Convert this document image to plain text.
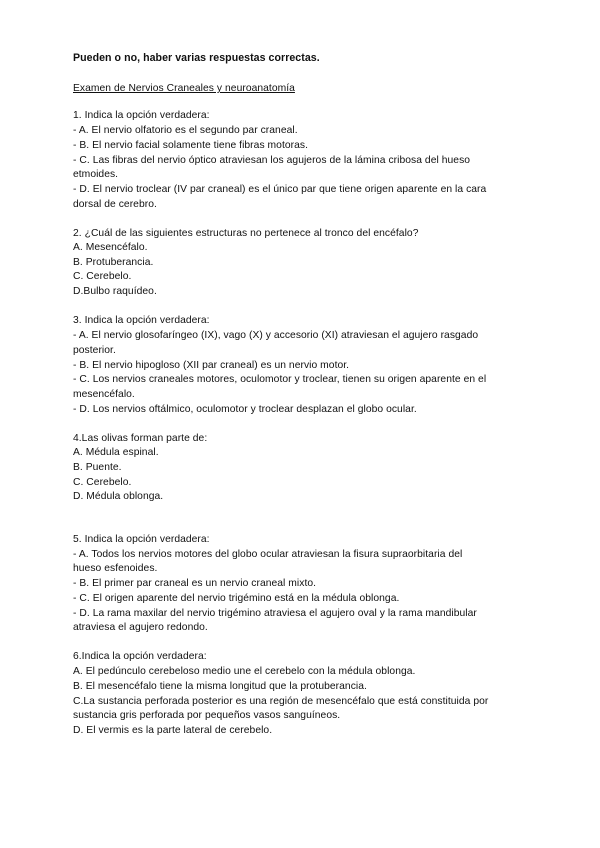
Pueden o no, haber varias respuestas correctas.
Examen de Nervios Craneales y neuroanatomía
1. Indica la opción verdadera:
- A. El nervio olfatorio es el segundo par craneal.
- B. El nervio facial solamente tiene fibras motoras.
- C. Las fibras del nervio óptico atraviesan los agujeros de la lámina cribosa del hueso
etmoides.
- D. El nervio troclear (IV par craneal) es el único par que tiene origen aparente en la cara
dorsal de cerebro.
2. ¿Cuál de las siguientes estructuras no pertenece al tronco del encéfalo?
A. Mesencéfalo.
B. Protuberancia.
C. Cerebelo.
D.Bulbo raquídeo.
3. Indica la opción verdadera:
- A. El nervio glosofaríngeo (IX), vago (X) y accesorio (XI) atraviesan el agujero rasgado
posterior.
- B. El nervio hipogloso (XII par craneal) es un nervio motor.
- C. Los nervios craneales motores, oculomotor y troclear, tienen su origen aparente en el
mesencéfalo.
- D. Los nervios oftálmico, oculomotor y troclear desplazan el globo ocular.
4.Las olivas forman parte de:
A. Médula espinal.
B. Puente.
C. Cerebelo.
D. Médula oblonga.
5. Indica la opción verdadera:
- A. Todos los nervios motores del globo ocular atraviesan la fisura supraorbitaria del
hueso esfenoides.
- B. El primer par craneal es un nervio craneal mixto.
- C. El origen aparente del nervio trigémino está en la médula oblonga.
- D. La rama maxilar del nervio trigémino atraviesa el agujero oval y la rama mandibular
atraviesa el agujero redondo.
6.Indica la opción verdadera:
A. El pedúnculo cerebeloso medio une el cerebelo con la médula oblonga.
B. El mesencéfalo tiene la misma longitud que la protuberancia.
C.La sustancia perforada posterior es una región de mesencéfalo que está constituida por
sustancia gris perforada por pequeños vasos sanguíneos.
D. El vermis es la parte lateral de cerebelo.
